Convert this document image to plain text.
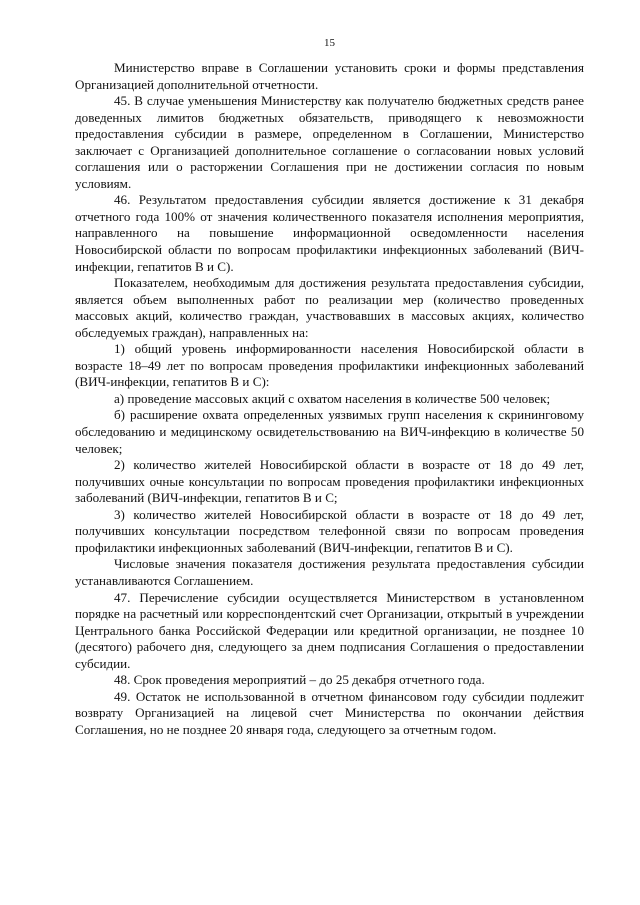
15

Министерство вправе в Соглашении установить сроки и формы представления Организацией дополнительной отчетности.

45. В случае уменьшения Министерству как получателю бюджетных средств ранее доведенных лимитов бюджетных обязательств, приводящего к невозможности предоставления субсидии в размере, определенном в Соглашении, Министерство заключает с Организацией дополнительное соглашение о согласовании новых условий соглашения или о расторжении Соглашения при не достижении согласия по новым условиям.

46. Результатом предоставления субсидии является достижение к 31 декабря отчетного года 100% от значения количественного показателя исполнения мероприятия, направленного на повышение информационной осведомленности населения Новосибирской области по вопросам профилактики инфекционных заболеваний (ВИЧ-инфекции, гепатитов В и С).

Показателем, необходимым для достижения результата предоставления субсидии, является объем выполненных работ по реализации мер (количество проведенных массовых акций, количество граждан, участвовавших в массовых акциях, количество обследуемых граждан), направленных на:

1) общий уровень информированности населения Новосибирской области в возрасте 18–49 лет по вопросам проведения профилактики инфекционных заболеваний (ВИЧ-инфекции, гепатитов В и С):

а) проведение массовых акций с охватом населения в количестве 500 человек;

б) расширение охвата определенных уязвимых групп населения к скрининговому обследованию и медицинскому освидетельствованию на ВИЧ-инфекцию в количестве 50 человек;

2) количество жителей Новосибирской области в возрасте от 18 до 49 лет, получивших очные консультации по вопросам проведения профилактики инфекционных заболеваний (ВИЧ-инфекции, гепатитов В и С;

3) количество жителей Новосибирской области в возрасте от 18 до 49 лет, получивших консультации посредством телефонной связи по вопросам проведения профилактики инфекционных заболеваний (ВИЧ-инфекции, гепатитов В и С).

Числовые значения показателя достижения результата предоставления субсидии устанавливаются Соглашением.

47. Перечисление субсидии осуществляется Министерством в установленном порядке на расчетный или корреспондентский счет Организации, открытый в учреждении Центрального банка Российской Федерации или кредитной организации, не позднее 10 (десятого) рабочего дня, следующего за днем подписания Соглашения о предоставлении субсидии.

48. Срок проведения мероприятий – до 25 декабря отчетного года.

49. Остаток не использованной в отчетном финансовом году субсидии подлежит возврату Организацией на лицевой счет Министерства по окончании действия Соглашения, но не позднее 20 января года, следующего за отчетным годом.
